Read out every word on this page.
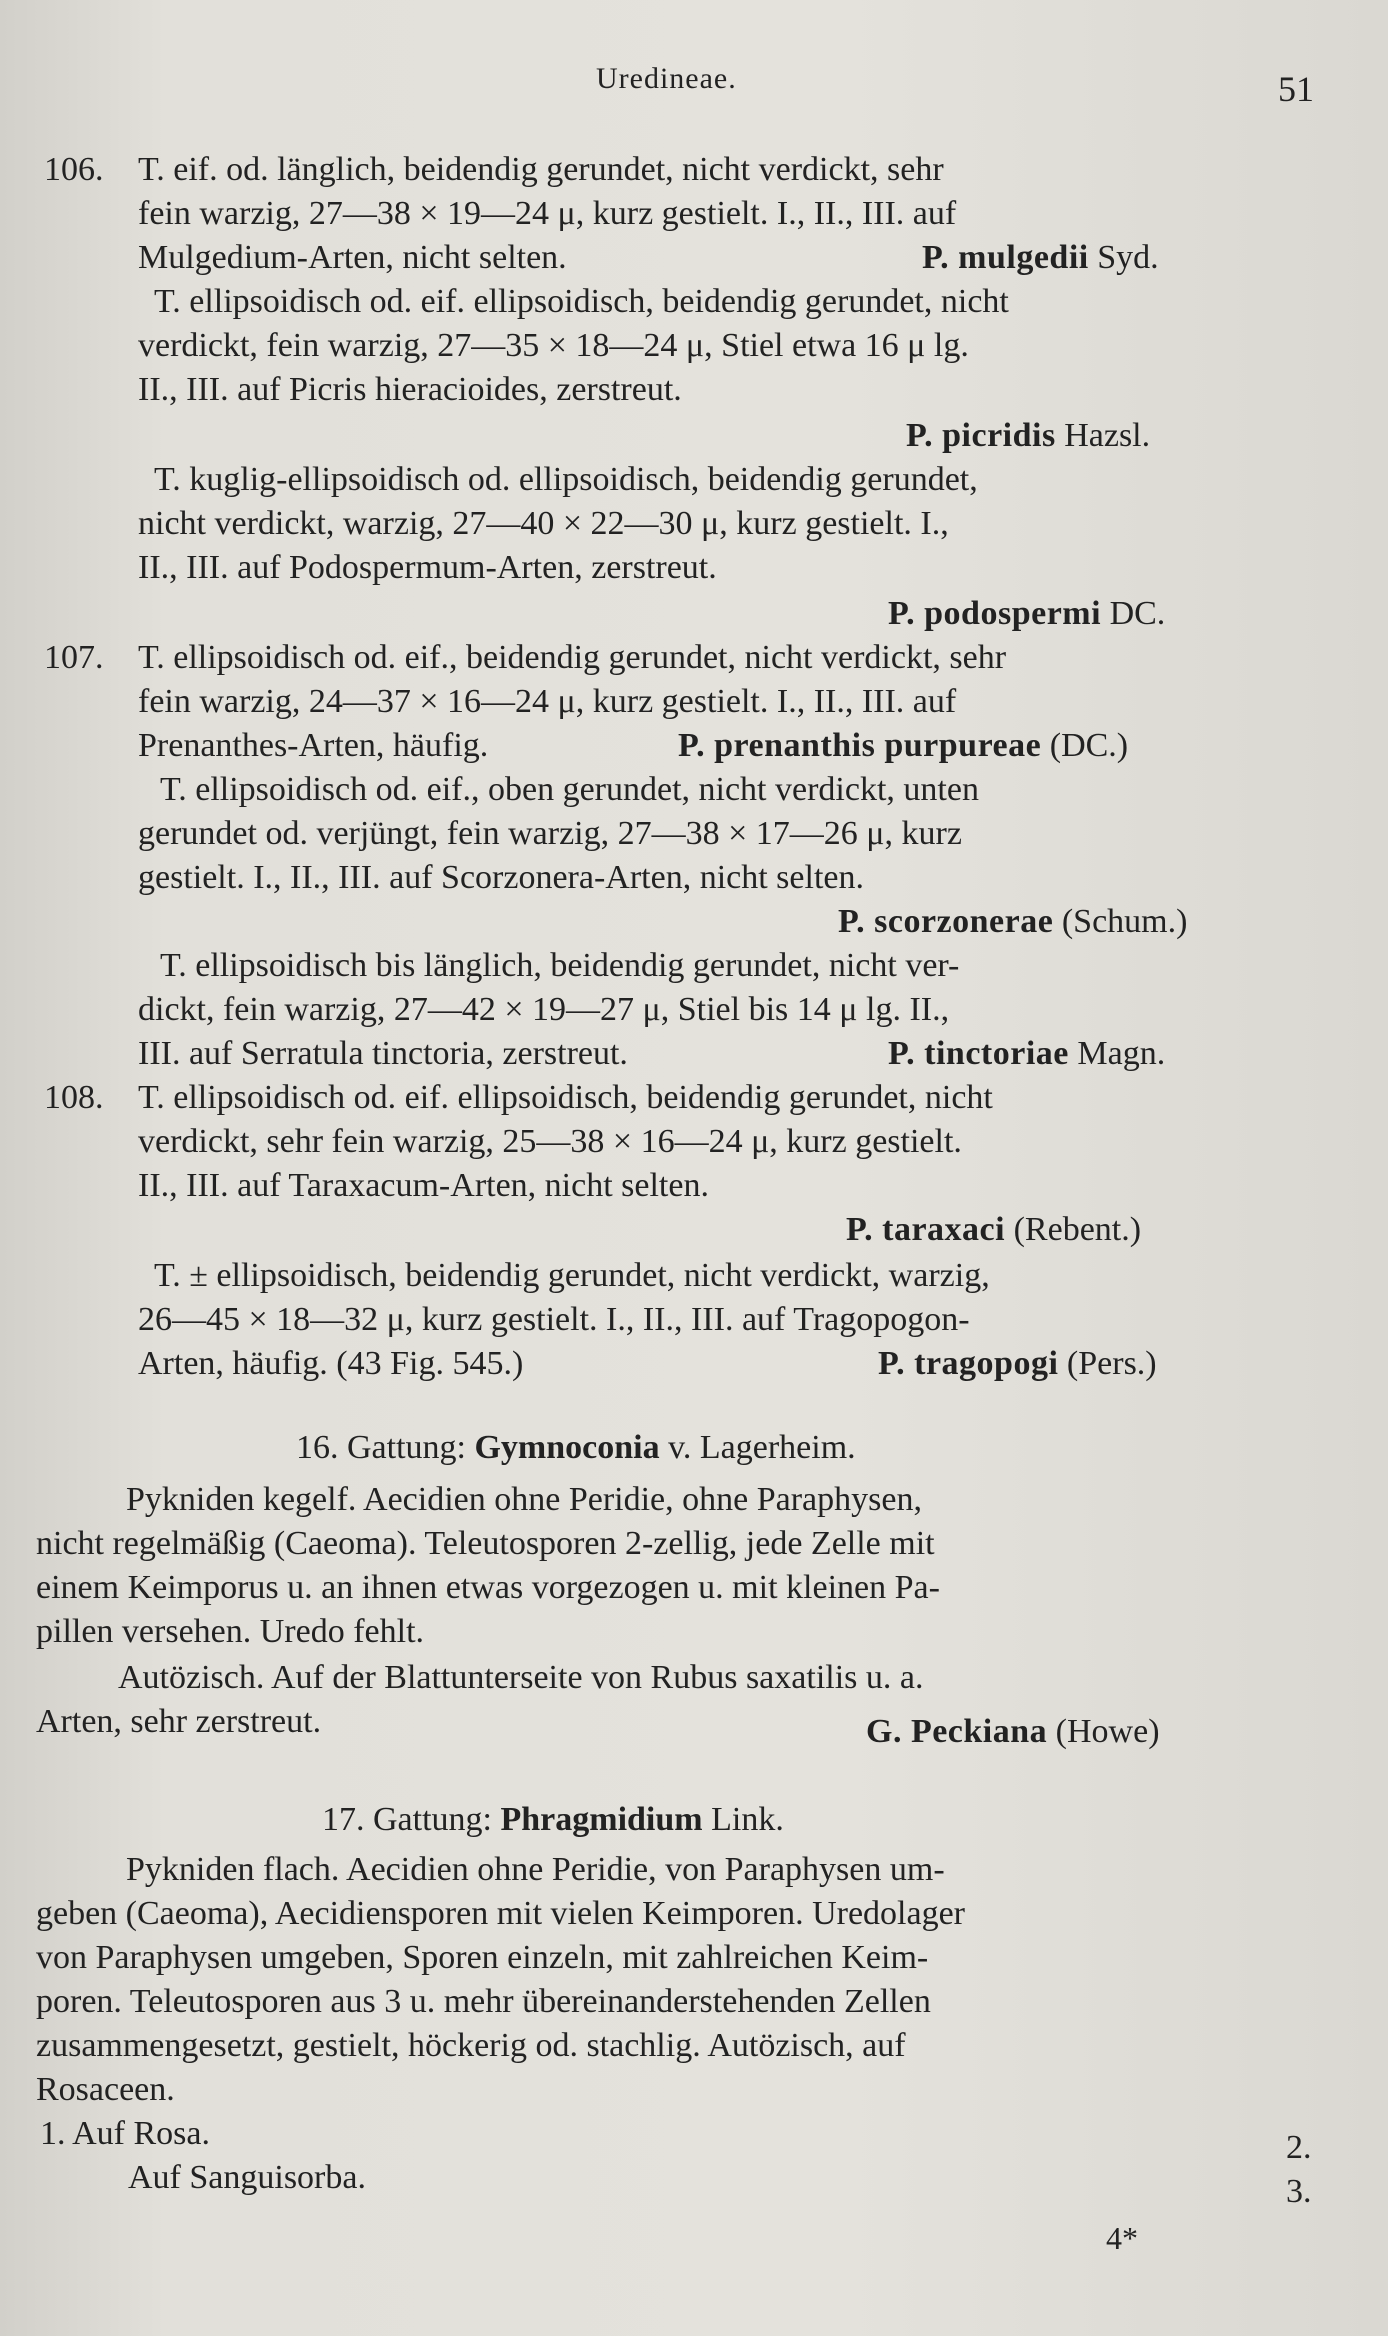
Uredineae.	51
106. T. eif. od. länglich, beidendig gerundet, nicht verdickt, sehr
fein warzig, 27—38 × 19—24 μ, kurz gestielt. I., II., III. auf
Mulgedium-Arten, nicht selten.	P. mulgedii Syd.
T. ellipsoidisch od. eif. ellipsoidisch, beidendig gerundet, nicht
verdickt, fein warzig, 27—35 × 18—24 μ, Stiel etwa 16 μ lg.
II., III. auf Picris hieracioides, zerstreut.
P. picridis Hazsl.
T. kuglig-ellipsoidisch od. ellipsoidisch, beidendig gerundet,
nicht verdickt, warzig, 27—40 × 22—30 μ, kurz gestielt. I.,
II., III. auf Podospermum-Arten, zerstreut.
P. podospermi DC.
107. T. ellipsoidisch od. eif., beidendig gerundet, nicht verdickt, sehr
fein warzig, 24—37 × 16—24 μ, kurz gestielt. I., II., III. auf
Prenanthes-Arten, häufig.	P. prenanthis purpureae (DC.)
T. ellipsoidisch od. eif., oben gerundet, nicht verdickt, unten
gerundet od. verjüngt, fein warzig, 27—38 × 17—26 μ, kurz
gestielt. I., II., III. auf Scorzonera-Arten, nicht selten.
P. scorzonerae (Schum.)
T. ellipsoidisch bis länglich, beidendig gerundet, nicht ver-
dickt, fein warzig, 27—42 × 19—27 μ, Stiel bis 14 μ lg. II.,
III. auf Serratula tinctoria, zerstreut.	P. tinctoriae Magn.
108. T. ellipsoidisch od. eif. ellipsoidisch, beidendig gerundet, nicht
verdickt, sehr fein warzig, 25—38 × 16—24 μ, kurz gestielt.
II., III. auf Taraxacum-Arten, nicht selten.
P. taraxaci (Rebent.)
T. ± ellipsoidisch, beidendig gerundet, nicht verdickt, warzig,
26—45 × 18—32 μ, kurz gestielt. I., II., III. auf Tragopogon-
Arten, häufig. (43 Fig. 545.)	P. tragopogi (Pers.)
16. Gattung: Gymnoconia v. Lagerheim.
Pykniden kegelf. Aecidien ohne Peridie, ohne Paraphysen,
nicht regelmäßig (Caeoma). Teleutosporen 2-zellig, jede Zelle mit
einem Keimporus u. an ihnen etwas vorgezogen u. mit kleinen Pa-
pillen versehen. Uredo fehlt.
Autözisch. Auf der Blattunterseite von Rubus saxatilis u. a.
Arten, sehr zerstreut.	G. Peckiana (Howe)
17. Gattung: Phragmidium Link.
Pykniden flach. Aecidien ohne Peridie, von Paraphysen um-
geben (Caeoma), Aecidiensporen mit vielen Keimporen. Uredolager
von Paraphysen umgeben, Sporen einzeln, mit zahlreichen Keim-
poren. Teleutosporen aus 3 u. mehr übereinanderstehenden Zellen
zusammengesetzt, gestielt, höckerig od. stachlig. Autözisch, auf
Rosaceen.
1. Auf Rosa.	2.
Auf Sanguisorba.	3.
4*
